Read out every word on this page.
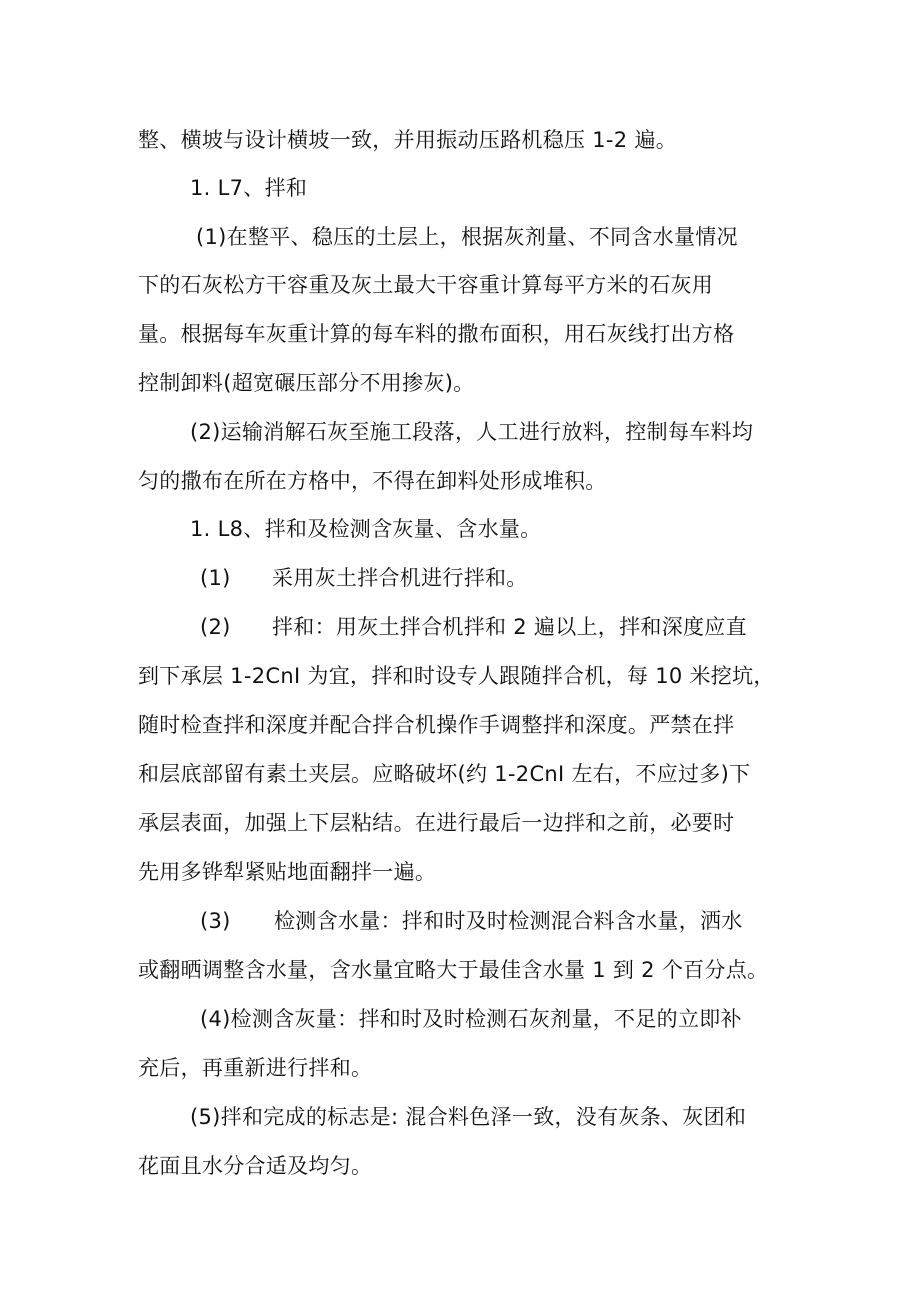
整、横坡与设计横坡一致，并用振动压路机稳压 1-2 遍。
1. L7、拌和
(1)在整平、稳压的土层上，根据灰剂量、不同含水量情况
下的石灰松方干容重及灰土最大干容重计算每平方米的石灰用
量。根据每车灰重计算的每车料的撒布面积，用石灰线打出方格
控制卸料(超宽碾压部分不用掺灰)。
(2)运输消解石灰至施工段落，人工进行放料，控制每车料均
匀的撒布在所在方格中，不得在卸料处形成堆积。
1. L8、拌和及检测含灰量、含水量。
(1) 采用灰土拌合机进行拌和。
(2) 拌和：用灰土拌合机拌和 2 遍以上，拌和深度应直
到下承层 1-2CnI 为宜，拌和时设专人跟随拌合机，每 10 米挖坑，
随时检查拌和深度并配合拌合机操作手调整拌和深度。严禁在拌
和层底部留有素土夹层。应略破坏(约 1-2CnI 左右，不应过多)下
承层表面，加强上下层粘结。在进行最后一边拌和之前，必要时
先用多铧犁紧贴地面翻拌一遍。
(3) 检测含水量：拌和时及时检测混合料含水量，洒水
或翻晒调整含水量，含水量宜略大于最佳含水量 1 到 2 个百分点。
(4)检测含灰量：拌和时及时检测石灰剂量，不足的立即补
充后，再重新进行拌和。
(5)拌和完成的标志是: 混合料色泽一致，没有灰条、灰团和
花面且水分合适及均匀。
